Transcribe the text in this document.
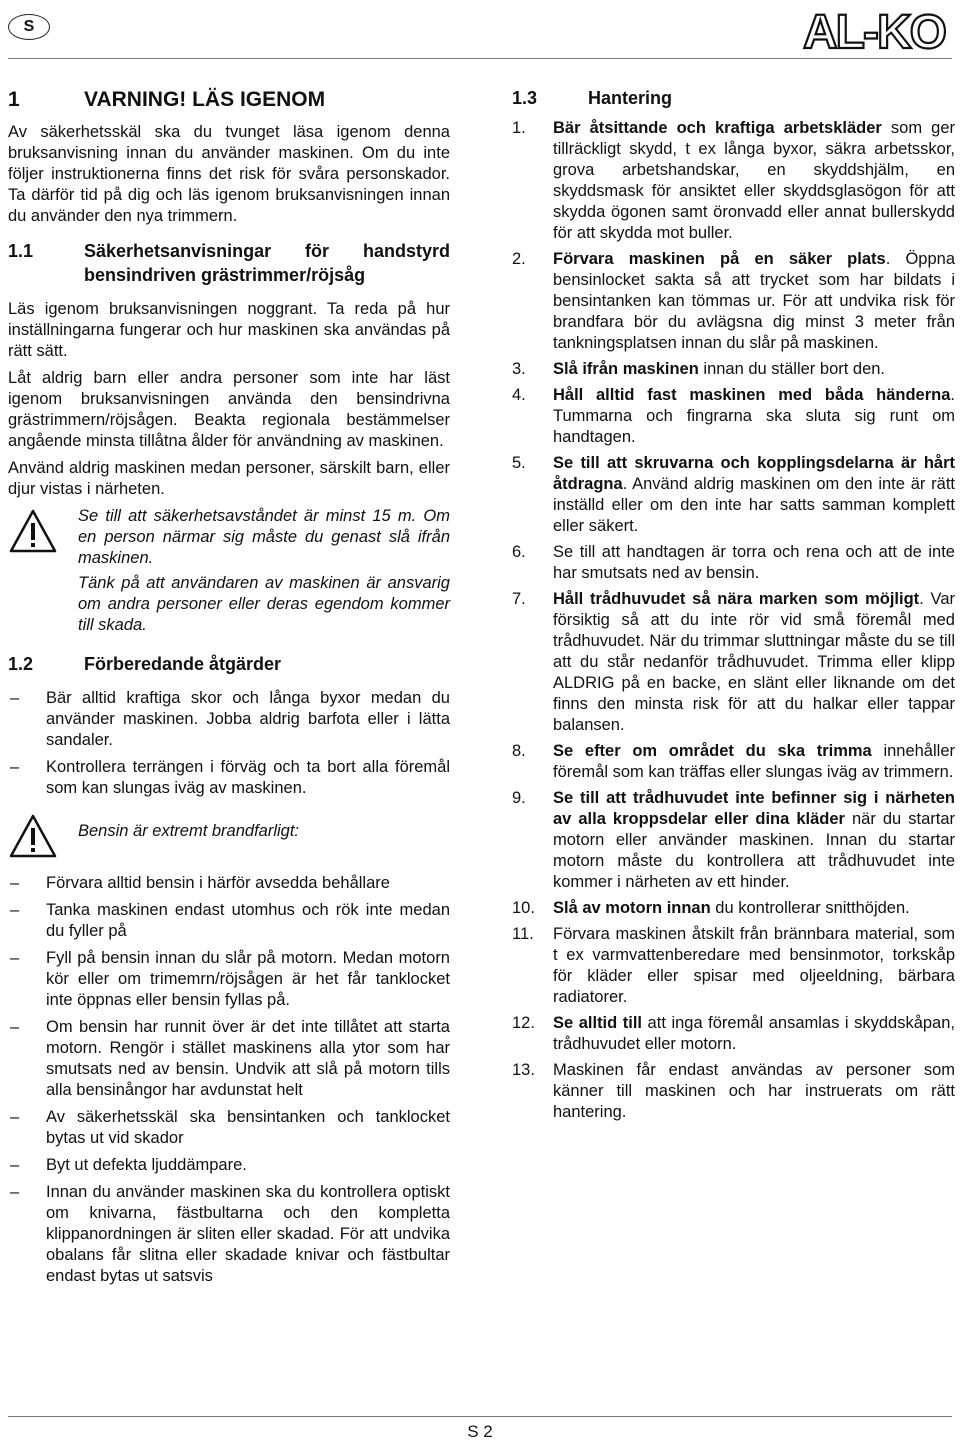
S	AL-KO
1	VARNING! LÄS IGENOM

Av säkerhetsskäl ska du tvunget läsa igenom denna bruksanvisning innan du använder maskinen. Om du inte följer instruktionerna finns det risk för svåra personskador. Ta därför tid på dig och läs igenom bruksanvisningen innan du använder den nya trimmern.

1.1	Säkerhetsanvisningar för handstyrd bensindriven grästrimmer/röjsåg

Läs igenom bruksanvisningen noggrant. Ta reda på hur inställningarna fungerar och hur maskinen ska användas på rätt sätt.

Låt aldrig barn eller andra personer som inte har läst igenom bruksanvisningen använda den bensindrivna grästrimmern/röjsågen. Beakta regionala bestämmelser angående minsta tillåtna ålder för användning av maskinen.

Använd aldrig maskinen medan personer, särskilt barn, eller djur vistas i närheten.

Se till att säkerhetsavståndet är minst 15 m. Om en person närmar sig måste du genast slå ifrån maskinen.

Tänk på att användaren av maskinen är ansvarig om andra personer eller deras egendom kommer till skada.

1.2	Förberedande åtgärder
–	Bär alltid kraftiga skor och långa byxor medan du använder maskinen. Jobba aldrig barfota eller i lätta sandaler.
–	Kontrollera terrängen i förväg och ta bort alla föremål som kan slungas iväg av maskinen.

Bensin är extremt brandfarligt:

–	Förvara alltid bensin i härför avsedda behållare
–	Tanka maskinen endast utomhus och rök inte medan du fyller på
–	Fyll på bensin innan du slår på motorn. Medan motorn kör eller om trimemrn/röjsågen är het får tanklocket inte öppnas eller bensin fyllas på.
–	Om bensin har runnit över är det inte tillåtet att starta motorn. Rengör i stället maskinens alla ytor som har smutsats ned av bensin. Undvik att slå på motorn tills alla bensinångor har avdunstat helt
–	Av säkerhetsskäl ska bensintanken och tanklocket bytas ut vid skador
–	Byt ut defekta ljuddämpare.
–	Innan du använder maskinen ska du kontrollera optiskt om knivarna, fästbultarna och den kompletta klippanordningen är sliten eller skadad. För att undvika obalans får slitna eller skadade knivar och fästbultar endast bytas ut satsvis
1.3	Hantering
1.	Bär åtsittande och kraftiga arbetskläder som ger tillräckligt skydd, t ex långa byxor, säkra arbetsskor, grova arbetshandskar, en skyddshjälm, en skyddsmask för ansiktet eller skyddsglasögon för att skydda ögonen samt öronvadd eller annat bullerskydd för att skydda mot buller.
2.	Förvara maskinen på en säker plats. Öppna bensinlocket sakta så att trycket som har bildats i bensintanken kan tömmas ur. För att undvika risk för brandfara bör du avlägsna dig minst 3 meter från tankningsplatsen innan du slår på maskinen.
3.	Slå ifrån maskinen innan du ställer bort den.
4.	Håll alltid fast maskinen med båda händerna. Tummarna och fingrarna ska sluta sig runt om handtagen.
5.	Se till att skruvarna och kopplingsdelarna är hårt åtdragna. Använd aldrig maskinen om den inte är rätt inställd eller om den inte har satts samman komplett eller säkert.
6.	Se till att handtagen är torra och rena och att de inte har smutsats ned av bensin.
7.	Håll trådhuvudet så nära marken som möjligt. Var försiktig så att du inte rör vid små föremål med trådhuvudet. När du trimmar sluttningar måste du se till att du står nedanför trådhuvudet. Trimma eller klipp ALDRIG på en backe, en slänt eller liknande om det finns den minsta risk för att du halkar eller tappar balansen.
8.	Se efter om området du ska trimma innehåller föremål som kan träffas eller slungas iväg av trimmern.
9.	Se till att trådhuvudet inte befinner sig i närheten av alla kroppsdelar eller dina kläder när du startar motorn eller använder maskinen. Innan du startar motorn måste du kontrollera att trådhuvudet inte kommer i närheten av ett hinder.
10.	Slå av motorn innan du kontrollerar snitthöjden.
11.	Förvara maskinen åtskilt från brännbara material, som t ex varmvattenberedare med bensinmotor, torkskåp för kläder eller spisar med oljeeldning, bärbara radiatorer.
12.	Se alltid till att inga föremål ansamlas i skyddskåpan, trådhuvudet eller motorn.
13.	Maskinen får endast användas av personer som känner till maskinen och har instruerats om rätt hantering.
S 2
